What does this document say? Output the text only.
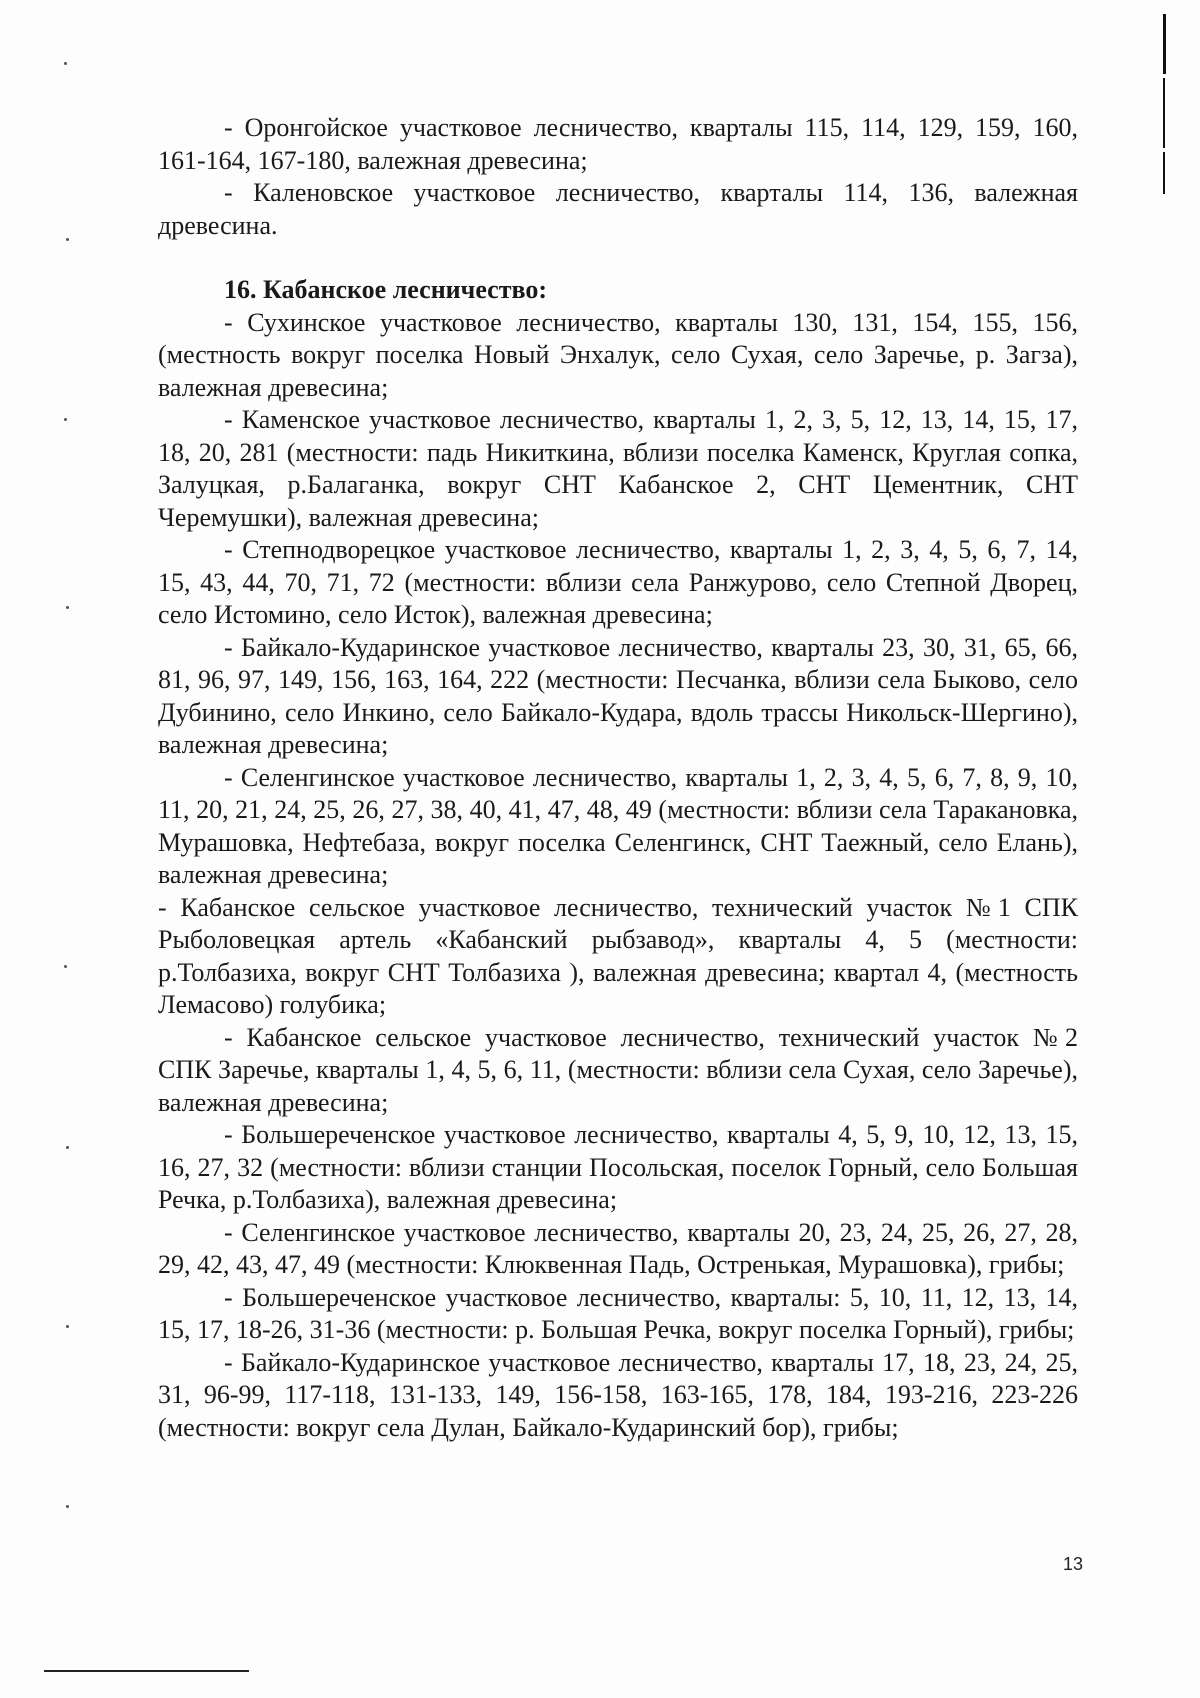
- Оронгойское участковое лесничество, кварталы 115, 114, 129, 159, 160, 161-164, 167-180, валежная древесина;

- Каленовское участковое лесничество, кварталы 114, 136, валежная древесина.

16. Кабанское лесничество:

- Сухинское участковое лесничество, кварталы 130, 131, 154, 155, 156, (местность вокруг поселка Новый Энхалук, село Сухая, село Заречье, р. Загза), валежная древесина;

- Каменское участковое лесничество, кварталы 1, 2, 3, 5, 12, 13, 14, 15, 17, 18, 20, 281 (местности: падь Никиткина, вблизи поселка Каменск, Круглая сопка, Залуцкая, р.Балаганка, вокруг СНТ Кабанское 2, СНТ Цементник, СНТ Черемушки), валежная древесина;

- Степнодворецкое участковое лесничество, кварталы 1, 2, 3, 4, 5, 6, 7, 14, 15, 43, 44, 70, 71, 72 (местности: вблизи села Ранжурово, село Степной Дворец, село Истомино, село Исток), валежная древесина;

- Байкало-Кударинское участковое лесничество, кварталы 23, 30, 31, 65, 66, 81, 96, 97, 149, 156, 163, 164, 222 (местности: Песчанка, вблизи села Быково, село Дубинино, село Инкино, село Байкало-Кудара, вдоль трассы Никольск-Шергино), валежная древесина;

- Селенгинское участковое лесничество, кварталы 1, 2, 3, 4, 5, 6, 7, 8, 9, 10, 11, 20, 21, 24, 25, 26, 27, 38, 40, 41, 47, 48, 49 (местности: вблизи села Таракановка, Мурашовка, Нефтебаза, вокруг поселка Селенгинск, СНТ Таежный, село Елань), валежная древесина;

- Кабанское сельское участковое лесничество, технический участок №1 СПК Рыболовецкая артель «Кабанский рыбзавод», кварталы 4, 5 (местности: р.Толбазиха, вокруг СНТ Толбазиха ), валежная древесина; квартал 4, (местность Лемасово) голубика;

- Кабанское сельское участковое лесничество, технический участок №2 СПК Заречье, кварталы 1, 4, 5, 6, 11, (местности: вблизи села Сухая, село Заречье), валежная древесина;

- Большереченское участковое лесничество, кварталы 4, 5, 9, 10, 12, 13, 15, 16, 27, 32 (местности: вблизи станции Посольская, поселок Горный, село Большая Речка, р.Толбазиха), валежная древесина;

- Селенгинское участковое лесничество, кварталы 20, 23, 24, 25, 26, 27, 28, 29, 42, 43, 47, 49 (местности: Клюквенная Падь, Остренькая, Мурашовка), грибы;

- Большереченское участковое лесничество, кварталы: 5, 10, 11, 12, 13, 14, 15, 17, 18-26, 31-36 (местности: р. Большая Речка, вокруг поселка Горный), грибы;

- Байкало-Кударинское участковое лесничество, кварталы 17, 18, 23, 24, 25, 31, 96-99, 117-118, 131-133, 149, 156-158, 163-165, 178, 184, 193-216, 223-226 (местности: вокруг села Дулан, Байкало-Кударинский бор), грибы;

13
